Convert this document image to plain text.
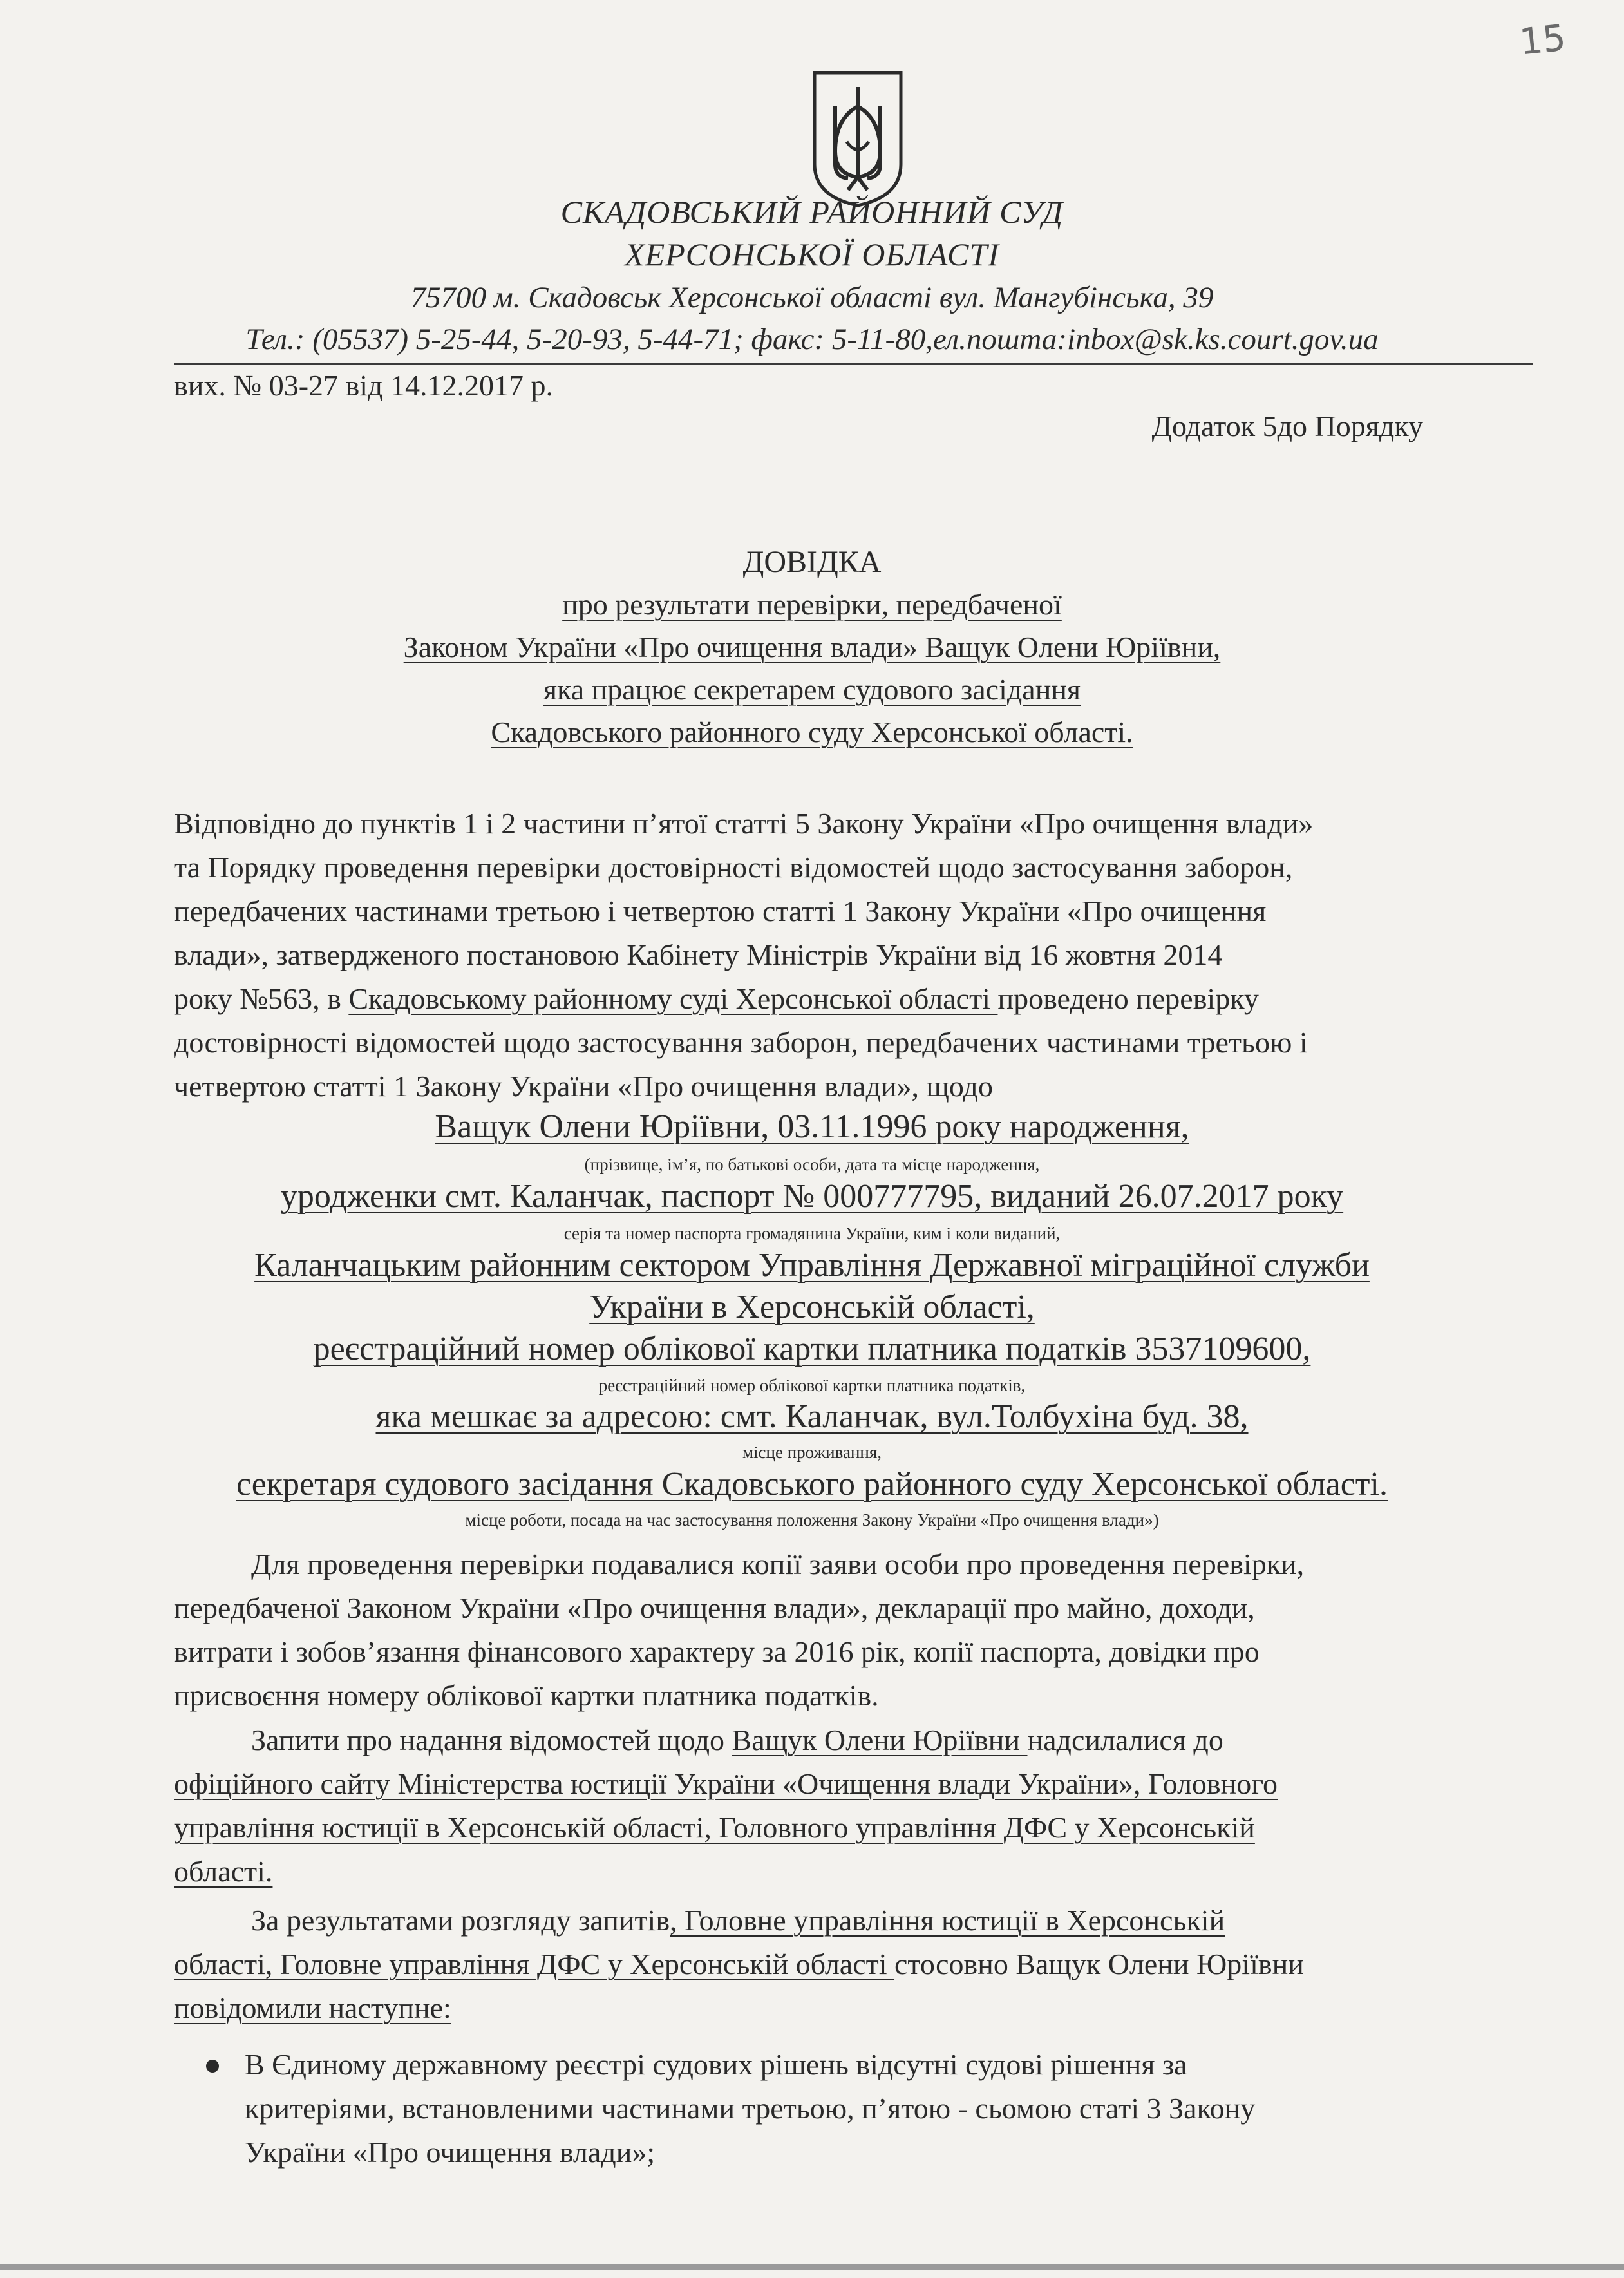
15
СКАДОВСЬКИЙ РАЙОННИЙ СУД
ХЕРСОНСЬКОЇ ОБЛАСТІ
75700 м. Скадовськ Херсонської області вул. Мангубінська, 39
Тел.: (05537) 5-25-44, 5-20-93, 5-44-71; факс: 5-11-80,ел.пошта:inbox@sk.ks.court.gov.ua
вих. № 03-27 від 14.12.2017 р.
Додаток 5до Порядку
ДОВІДКА
про результати перевірки, передбаченої
Законом України «Про очищення влади» Ващук Олени Юріївни,
яка працює секретарем судового засідання
Скадовського районного суду Херсонської області.
Відповідно до пунктів 1 і 2 частини п’ятої статті 5 Закону України «Про очищення влади»
та Порядку проведення перевірки достовірності відомостей щодо застосування заборон,
передбачених частинами третьою і четвертою статті 1 Закону України «Про очищення
влади», затвердженого постановою Кабінету Міністрів України від 16 жовтня 2014
року №563, в Скадовському районному суді Херсонської області проведено перевірку
достовірності відомостей щодо застосування заборон, передбачених частинами третьою і
четвертою статті 1 Закону України «Про очищення влади», щодо
Ващук Олени Юріївни, 03.11.1996 року народження,
(прізвище, ім’я, по батькові особи, дата та місце народження,
уродженки смт. Каланчак, паспорт № 000777795, виданий 26.07.2017 року
серія та номер паспорта громадянина України, ким і коли виданий,
Каланчацьким районним сектором Управління Державної міграційної служби
України в Херсонській області,
реєстраційний номер облікової картки платника податків 3537109600,
реєстраційний номер облікової картки платника податків,
яка мешкає за адресою: смт. Каланчак, вул.Толбухіна буд. 38,
місце проживання,
секретаря судового засідання Скадовського районного суду Херсонської області.
місце роботи, посада на час застосування положення Закону України «Про очищення влади»)
Для проведення перевірки подавалися копії заяви особи про проведення перевірки,
передбаченої Законом України «Про очищення влади», декларації про майно, доходи,
витрати і зобов’язання фінансового характеру за 2016 рік, копії паспорта, довідки про
присвоєння номеру облікової картки платника податків.
Запити про надання відомостей щодо Ващук Олени Юріївни надсилалися до
офіційного сайту Міністерства юстиції України «Очищення влади України», Головного
управління юстиції в Херсонській області, Головного управління ДФС у Херсонській
області.
За результатами розгляду запитів, Головне управління юстиції в Херсонській
області, Головне управління ДФС у Херсонській області стосовно Ващук Олени Юріївни
повідомили наступне:
В Єдиному державному реєстрі судових рішень відсутні судові рішення за
критеріями, встановленими частинами третьою, п’ятою - сьомою статі 3 Закону
України «Про очищення влади»;
